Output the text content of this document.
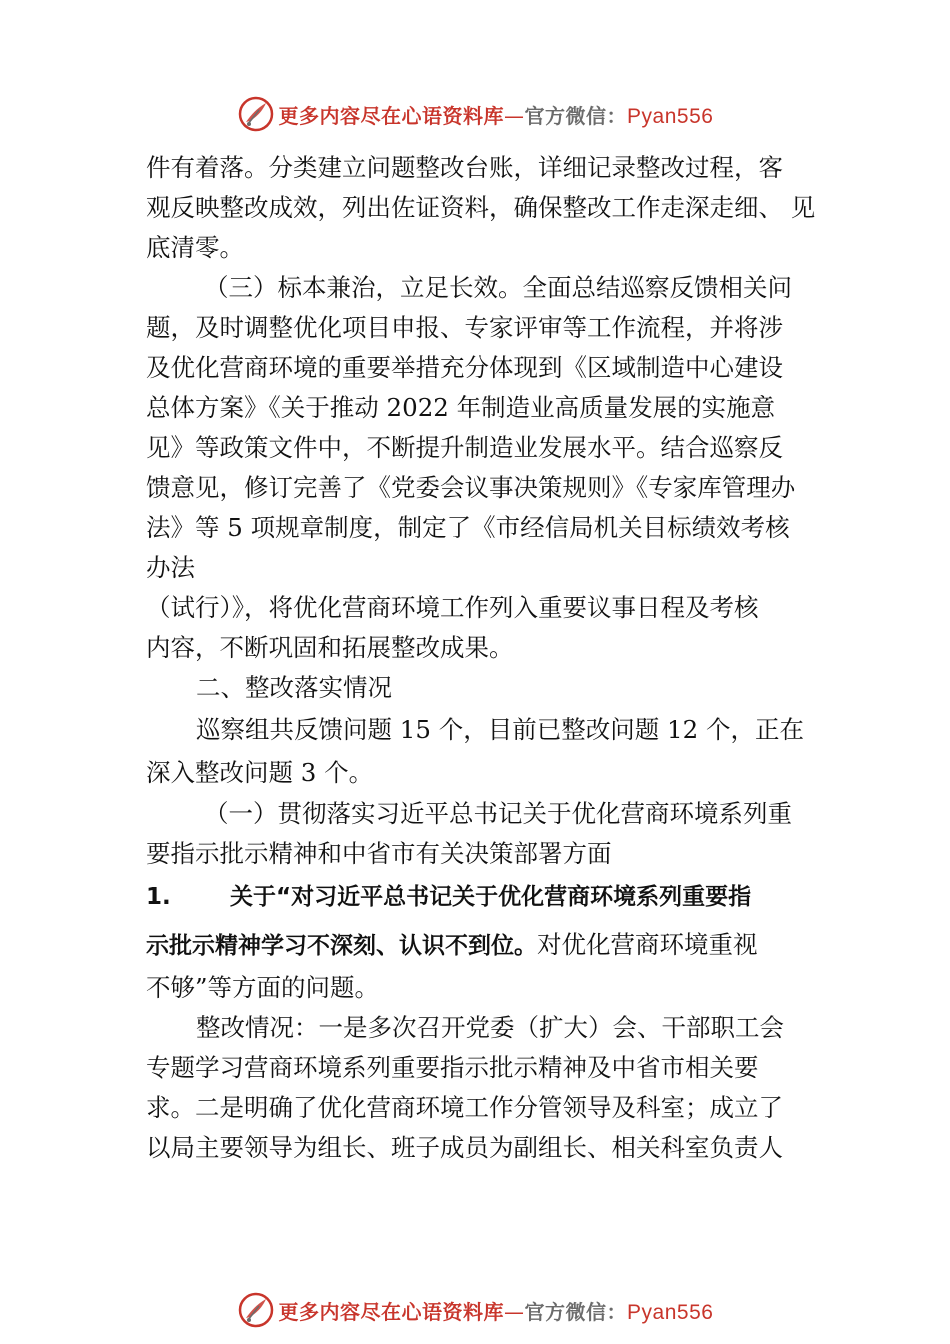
更多内容尽在心语资料库—官方微信：Pyan556
件有着落。分类建立问题整改台账，详细记录整改过程，客
观反映整改成效，列出佐证资料，确保整改工作走深走细、 见
底清零。
（三）标本兼治，立足长效。全面总结巡察反馈相关问
题，及时调整优化项目申报、专家评审等工作流程，并将涉
及优化营商环境的重要举措充分体现到《区域制造中心建设
总体方案》《关于推动 2022 年制造业高质量发展的实施意
见》等政策文件中，不断提升制造业发展水平。结合巡察反
馈意见，修订完善了《党委会议事决策规则》《专家库管理办
法》等 5 项规章制度，制定了《市经信局机关目标绩效考核
办法
（试行）》，将优化营商环境工作列入重要议事日程及考核
内容，不断巩固和拓展整改成果。
二、整改落实情况
巡察组共反馈问题 15 个，目前已整改问题 12 个，正在
深入整改问题 3 个。
（一）贯彻落实习近平总书记关于优化营商环境系列重
要指示批示精神和中省市有关决策部署方面
1.	关于“对习近平总书记关于优化营商环境系列重要指
示批示精神学习不深刻、认识不到位。对优化营商环境重视
不够”等方面的问题。
整改情况：一是多次召开党委（扩大）会、干部职工会
专题学习营商环境系列重要指示批示精神及中省市相关要
求。二是明确了优化营商环境工作分管领导及科室；成立了
以局主要领导为组长、班子成员为副组长、相关科室负责人
更多内容尽在心语资料库—官方微信：Pyan556
